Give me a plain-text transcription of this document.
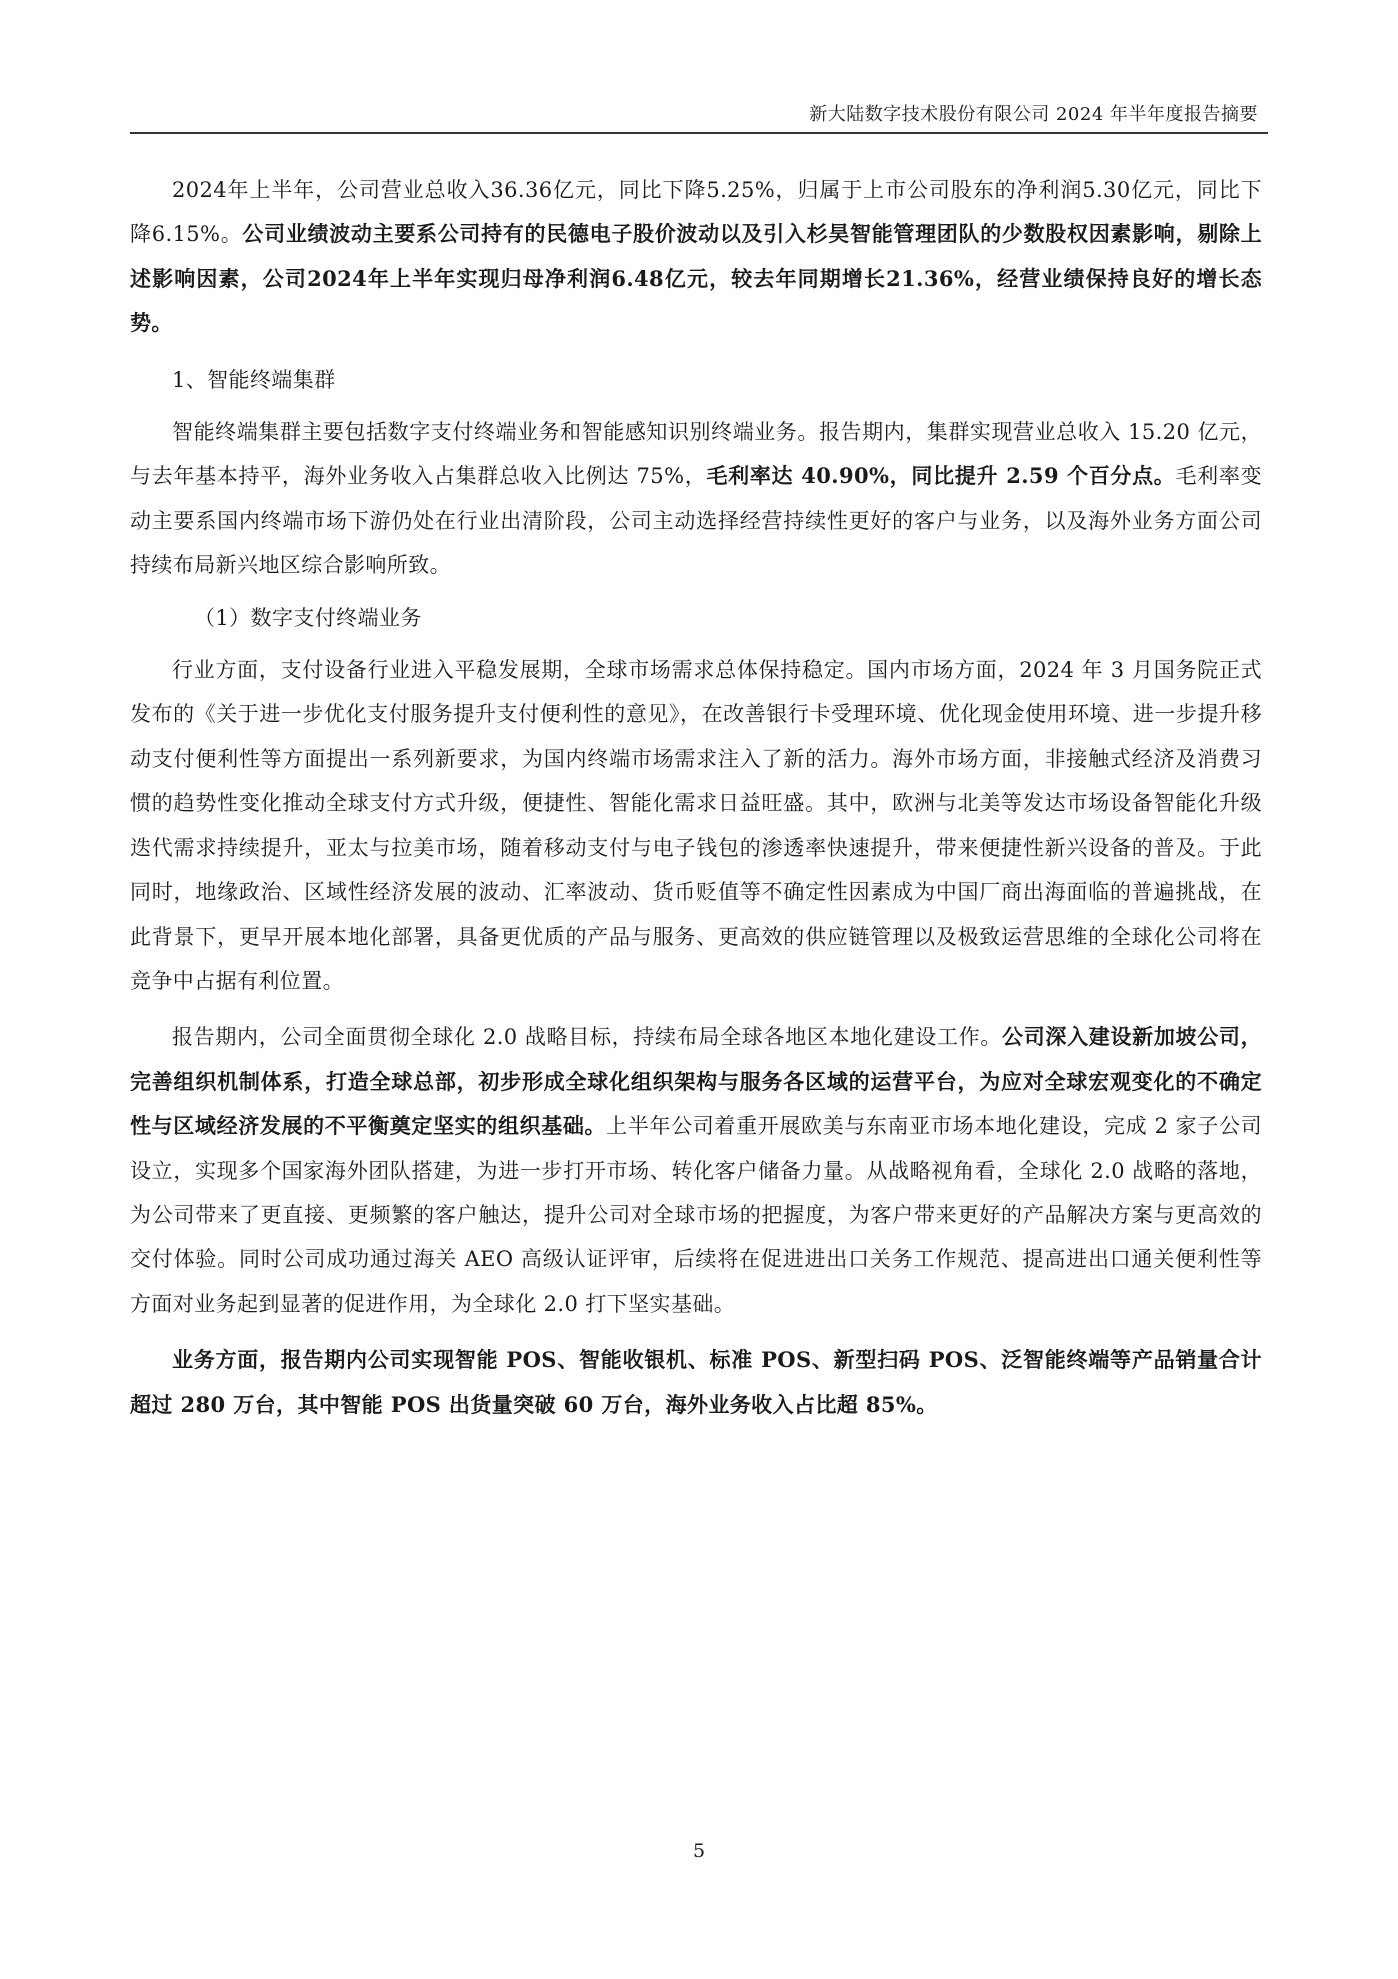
新大陆数字技术股份有限公司 2024 年半年度报告摘要

2024年上半年，公司营业总收入36.36亿元，同比下降5.25%，归属于上市公司股东的净利润5.30亿元，同比下降6.15%。公司业绩波动主要系公司持有的民德电子股价波动以及引入杉昊智能管理团队的少数股权因素影响，剔除上述影响因素，公司2024年上半年实现归母净利润6.48亿元，较去年同期增长21.36%，经营业绩保持良好的增长态势。

1、智能终端集群

智能终端集群主要包括数字支付终端业务和智能感知识别终端业务。报告期内，集群实现营业总收入 15.20 亿元，与去年基本持平，海外业务收入占集群总收入比例达 75%，毛利率达 40.90%，同比提升 2.59 个百分点。毛利率变动主要系国内终端市场下游仍处在行业出清阶段，公司主动选择经营持续性更好的客户与业务，以及海外业务方面公司持续布局新兴地区综合影响所致。

（1）数字支付终端业务

行业方面，支付设备行业进入平稳发展期，全球市场需求总体保持稳定。国内市场方面，2024 年 3 月国务院正式发布的《关于进一步优化支付服务提升支付便利性的意见》，在改善银行卡受理环境、优化现金使用环境、进一步提升移动支付便利性等方面提出一系列新要求，为国内终端市场需求注入了新的活力。海外市场方面，非接触式经济及消费习惯的趋势性变化推动全球支付方式升级，便捷性、智能化需求日益旺盛。其中，欧洲与北美等发达市场设备智能化升级迭代需求持续提升，亚太与拉美市场，随着移动支付与电子钱包的渗透率快速提升，带来便捷性新兴设备的普及。于此同时，地缘政治、区域性经济发展的波动、汇率波动、货币贬值等不确定性因素成为中国厂商出海面临的普遍挑战，在此背景下，更早开展本地化部署，具备更优质的产品与服务、更高效的供应链管理以及极致运营思维的全球化公司将在竞争中占据有利位置。

报告期内，公司全面贯彻全球化 2.0 战略目标，持续布局全球各地区本地化建设工作。公司深入建设新加坡公司，完善组织机制体系，打造全球总部，初步形成全球化组织架构与服务各区域的运营平台，为应对全球宏观变化的不确定性与区域经济发展的不平衡奠定坚实的组织基础。上半年公司着重开展欧美与东南亚市场本地化建设，完成 2 家子公司设立，实现多个国家海外团队搭建，为进一步打开市场、转化客户储备力量。从战略视角看，全球化 2.0 战略的落地，为公司带来了更直接、更频繁的客户触达，提升公司对全球市场的把握度，为客户带来更好的产品解决方案与更高效的交付体验。同时公司成功通过海关 AEO 高级认证评审，后续将在促进进出口关务工作规范、提高进出口通关便利性等方面对业务起到显著的促进作用，为全球化 2.0 打下坚实基础。

业务方面，报告期内公司实现智能 POS、智能收银机、标准 POS、新型扫码 POS、泛智能终端等产品销量合计超过 280 万台，其中智能 POS 出货量突破 60 万台，海外业务收入占比超 85%。

5
